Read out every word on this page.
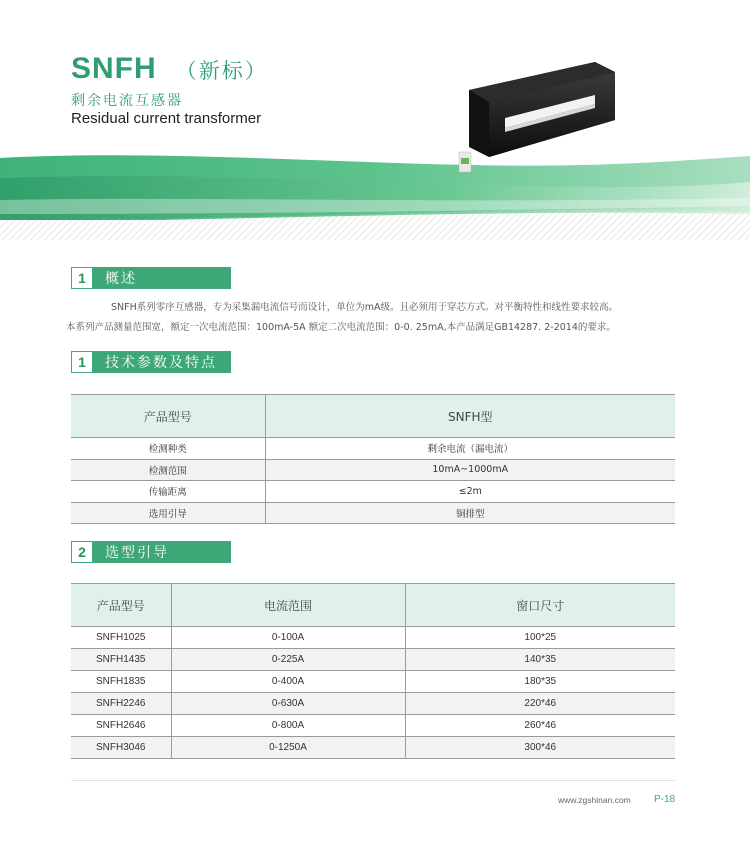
SNFH （新标）
剩余电流互感器
Residual current transformer
1	概述
SNFH系列零序互感器，专为采集漏电流信号而设计，单位为mA级。且必须用于穿芯方式。对平衡特性和线性要求较高。
本系列产品测量范围宽，额定一次电流范围：100mA-5A 额定二次电流范围：0-0. 25mA,本产品满足GB14287. 2-2014的要求。
1	技术参数及特点
产品型号	SNFH型
检测种类	剩余电流（漏电流）
检测范围	10mA~1000mA
传输距离	≤2m
选用引导	铜排型
2	选型引导
产品型号	电流范围	窗口尺寸
SNFH1025	0-100A	100*25
SNFH1435	0-225A	140*35
SNFH1835	0-400A	180*35
SNFH2246	0-630A	220*46
SNFH2646	0-800A	260*46
SNFH3046	0-1250A	300*46
www.zgshinan.com P-18
